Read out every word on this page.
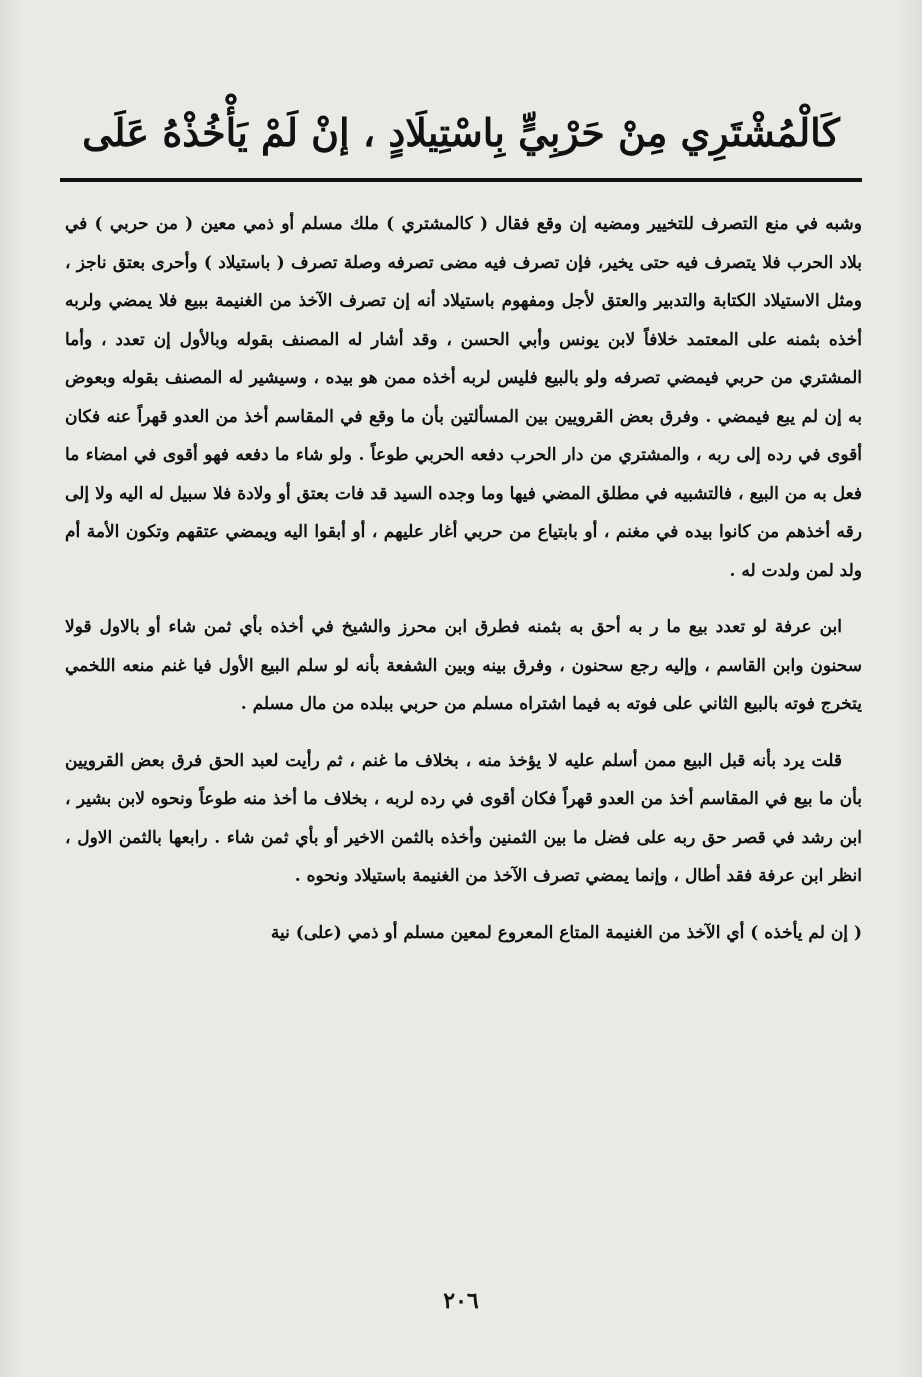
كَالْمُشْتَرِي مِنْ حَرْبِيٍّ بِاسْتِيلَادٍ ، إنْ لَمْ يَأْخُذْهُ عَلَى

وشبه في منع التصرف للتخيير ومضيه إن وقع فقال ( كالمشتري ) ملك مسلم أو ذمي معين ( من حربي ) في بلاد الحرب فلا يتصرف فيه حتى يخير، فإن تصرف فيه مضى تصرفه وصلة تصرف ( باستيلاد ) وأحرى بعتق ناجز ، ومثل الاستيلاد الكتابة والتدبير والعتق لأجل ومفهوم باستيلاد أنه إن تصرف الآخذ من الغنيمة ببيع فلا يمضي ولربه أخذه بثمنه على المعتمد خلافاً لابن يونس وأبي الحسن ، وقد أشار له المصنف بقوله وبالأول إن تعدد ، وأما المشتري من حربي فيمضي تصرفه ولو بالبيع فليس لربه أخذه ممن هو بيده ، وسيشير له المصنف بقوله وبعوض به إن لم يبع فيمضي . وفرق بعض القرويين بين المسألتين بأن ما وقع في المقاسم أخذ من العدو قهراً عنه فكان أقوى في رده إلى ربه ، والمشتري من دار الحرب دفعه الحربي طوعاً . ولو شاء ما دفعه فهو أقوى في امضاء ما فعل به من البيع ، فالتشبيه في مطلق المضي فيها وما وجده السيد قد فات بعتق أو ولادة فلا سبيل له اليه ولا إلى رقه أخذهم من كانوا بيده في مغنم ، أو بابتياع من حربي أغار عليهم ، أو أبقوا اليه ويمضي عتقهم وتكون الأمة أم ولد لمن ولدت له .

ابن عرفة لو تعدد بيع ما ر به أحق به بثمنه فطرق ابن محرز والشيخ في أخذه بأي ثمن شاء أو بالاول قولا سحنون وابن القاسم ، وإليه رجع سحنون ، وفرق بينه وبين الشفعة بأنه لو سلم البيع الأول فيا غنم منعه اللخمي يتخرج فوته بالبيع الثاني على فوته به فيما اشتراه مسلم من حربي ببلده من مال مسلم .

قلت يرد بأنه قبل البيع ممن أسلم عليه لا يؤخذ منه ، بخلاف ما غنم ، ثم رأيت لعبد الحق فرق بعض القرويين بأن ما بيع في المقاسم أخذ من العدو قهراً فكان أقوى في رده لربه ، بخلاف ما أخذ منه طوعاً ونحوه لابن بشير ، ابن رشد في قصر حق ربه على فضل ما بين الثمنين وأخذه بالثمن الاخير أو بأي ثمن شاء . رابعها بالثمن الاول ، انظر ابن عرفة فقد أطال ، وإنما يمضي تصرف الآخذ من الغنيمة باستيلاد ونحوه .

( إن لم يأخذه ) أي الآخذ من الغنيمة المتاع المعروع لمعين مسلم أو ذمي (على) نية

٢٠٦
